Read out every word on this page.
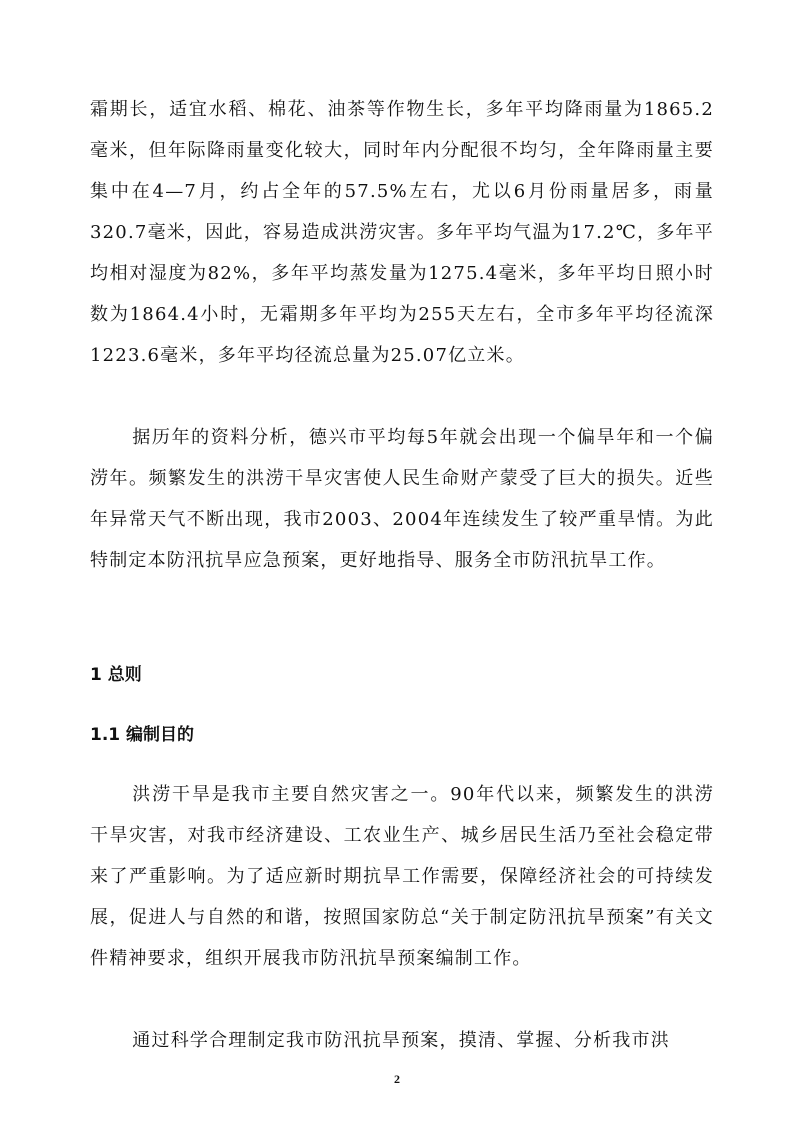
霜期长，适宜水稻、棉花、油茶等作物生长，多年平均降雨量为1865.2毫米，但年际降雨量变化较大，同时年内分配很不均匀，全年降雨量主要集中在4—7月，约占全年的57.5%左右，尤以6月份雨量居多，雨量320.7毫米，因此，容易造成洪涝灾害。多年平均气温为17.2℃，多年平均相对湿度为82%，多年平均蒸发量为1275.4毫米，多年平均日照小时数为1864.4小时，无霜期多年平均为255天左右，全市多年平均径流深1223.6毫米，多年平均径流总量为25.07亿立米。

据历年的资料分析，德兴市平均每5年就会出现一个偏旱年和一个偏涝年。频繁发生的洪涝干旱灾害使人民生命财产蒙受了巨大的损失。近些年异常天气不断出现，我市2003、2004年连续发生了较严重旱情。为此特制定本防汛抗旱应急预案，更好地指导、服务全市防汛抗旱工作。

1 总则
1.1 编制目的

洪涝干旱是我市主要自然灾害之一。90年代以来，频繁发生的洪涝干旱灾害，对我市经济建设、工农业生产、城乡居民生活乃至社会稳定带来了严重影响。为了适应新时期抗旱工作需要，保障经济社会的可持续发展，促进人与自然的和谐，按照国家防总“关于制定防汛抗旱预案”有关文件精神要求，组织开展我市防汛抗旱预案编制工作。

通过科学合理制定我市防汛抗旱预案，摸清、掌握、分析我市洪

2
